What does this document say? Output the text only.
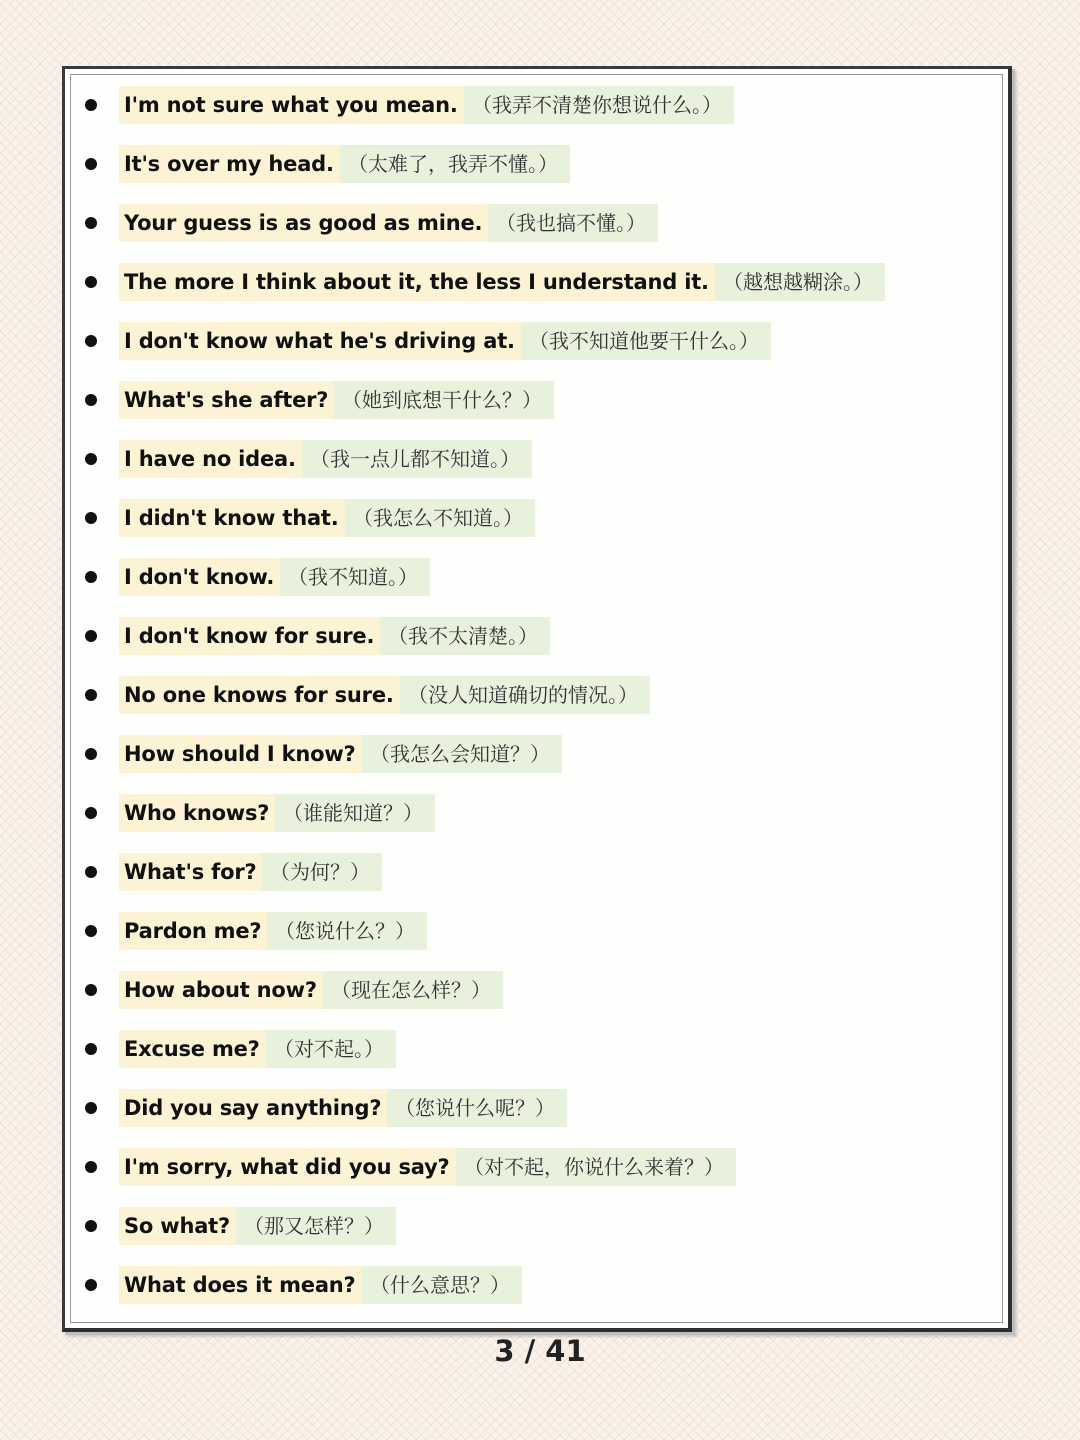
I'm not sure what you mean. （我弄不清楚你想说什么。）
It's over my head. （太难了，我弄不懂。）
Your guess is as good as mine. （我也搞不懂。）
The more I think about it, the less I understand it. （越想越糊涂。）
I don't know what he's driving at. （我不知道他要干什么。）
What's she after? （她到底想干什么？）
I have no idea. （我一点儿都不知道。）
I didn't know that. （我怎么不知道。）
I don't know. （我不知道。）
I don't know for sure. （我不太清楚。）
No one knows for sure. （没人知道确切的情况。）
How should I know? （我怎么会知道？）
Who knows? （谁能知道？）
What's for? （为何？）
Pardon me? （您说什么？）
How about now? （现在怎么样？）
Excuse me? （对不起。）
Did you say anything? （您说什么呢？）
I'm sorry, what did you say? （对不起，你说什么来着？）
So what? （那又怎样？）
What does it mean? （什么意思？）
3 / 41
